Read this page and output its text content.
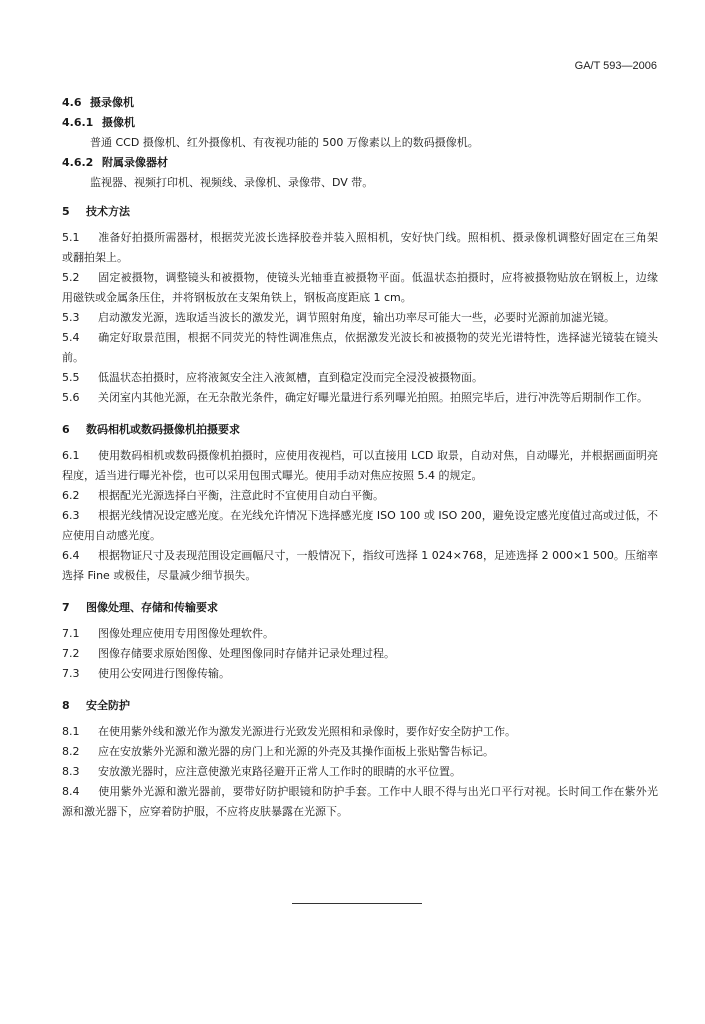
GA/T 593—2006

4.6 摄录像机

4.6.1 摄像机

普通 CCD 摄像机、红外摄像机、有夜视功能的 500 万像素以上的数码摄像机。

4.6.2 附属录像器材

监视器、视频打印机、视频线、录像机、录像带、DV 带。

5 技术方法

5.1 准备好拍摄所需器材，根据荧光波长选择胶卷并装入照相机，安好快门线。照相机、摄录像机调整好固定在三角架或翻拍架上。

5.2 固定被摄物，调整镜头和被摄物，使镜头光轴垂直被摄物平面。低温状态拍摄时，应将被摄物贴放在钢板上，边缘用磁铁或金属条压住，并将钢板放在支架角铁上，钢板高度距底 1 cm。

5.3 启动激发光源，选取适当波长的激发光，调节照射角度，输出功率尽可能大一些，必要时光源前加滤光镜。

5.4 确定好取景范围，根据不同荧光的特性调准焦点，依据激发光波长和被摄物的荧光光谱特性，选择滤光镜装在镜头前。

5.5 低温状态拍摄时，应将液氮安全注入液氮槽，直到稳定没而完全浸没被摄物面。

5.6 关闭室内其他光源，在无杂散光条件，确定好曝光量进行系列曝光拍照。拍照完毕后，进行冲洗等后期制作工作。

6 数码相机或数码摄像机拍摄要求

6.1 使用数码相机或数码摄像机拍摄时，应使用夜视档，可以直接用 LCD 取景，自动对焦，自动曝光，并根据画面明亮程度，适当进行曝光补偿，也可以采用包围式曝光。使用手动对焦应按照 5.4 的规定。

6.2 根据配光光源选择白平衡，注意此时不宜使用自动白平衡。

6.3 根据光线情况设定感光度。在光线允许情况下选择感光度 ISO 100 或 ISO 200，避免设定感光度值过高或过低，不应使用自动感光度。

6.4 根据物证尺寸及表现范围设定画幅尺寸，一般情况下，指纹可选择 1 024×768，足迹选择 2 000×1 500。压缩率选择 Fine 或极佳，尽量减少细节损失。

7 图像处理、存储和传输要求

7.1 图像处理应使用专用图像处理软件。

7.2 图像存储要求原始图像、处理图像同时存储并记录处理过程。

7.3 使用公安网进行图像传输。

8 安全防护

8.1 在使用紫外线和激光作为激发光源进行光致发光照相和录像时，要作好安全防护工作。

8.2 应在安放紫外光源和激光器的房门上和光源的外壳及其操作面板上张贴警告标记。

8.3 安放激光器时，应注意使激光束路径避开正常人工作时的眼睛的水平位置。

8.4 使用紫外光源和激光器前，要带好防护眼镜和防护手套。工作中人眼不得与出光口平行对视。长时间工作在紫外光源和激光器下，应穿着防护服，不应将皮肤暴露在光源下。
